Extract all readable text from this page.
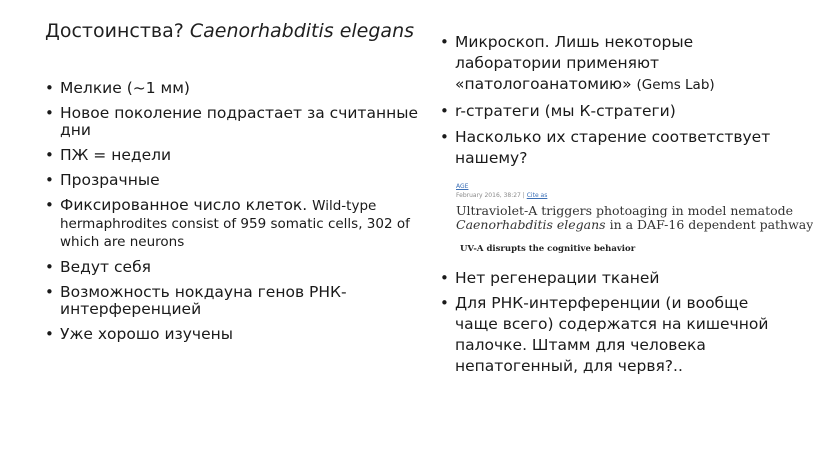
Достоинства? Caenorhabditis elegans
• Мелкие (~1 мм)
• Новое поколение подрастает за считанные дни
• ПЖ = недели
• Прозрачные
• Фиксированное число клеток. Wild-type hermaphrodites consist of 959 somatic cells, 302 of which are neurons
• Ведут себя
• Возможность нокдауна генов РНК-интерференцией
• Уже хорошо изучены
• Микроскоп. Лишь некоторые лаборатории применяют «патологоанатомию» (Gems Lab)
• r-стратеги (мы К-стратеги)
• Насколько их старение соответствует нашему?
AGE
February 2016, 38:27 | Cite as
Ultraviolet-A triggers photoaging in model nematode
Caenorhabditis elegans in a DAF-16 dependent pathway
UV-A disrupts the cognitive behavior
• Нет регенерации тканей
• Для РНК-интерференции (и вообще чаще всего) содержатся на кишечной палочке. Штамм для человека непатогенный, для червя?..
